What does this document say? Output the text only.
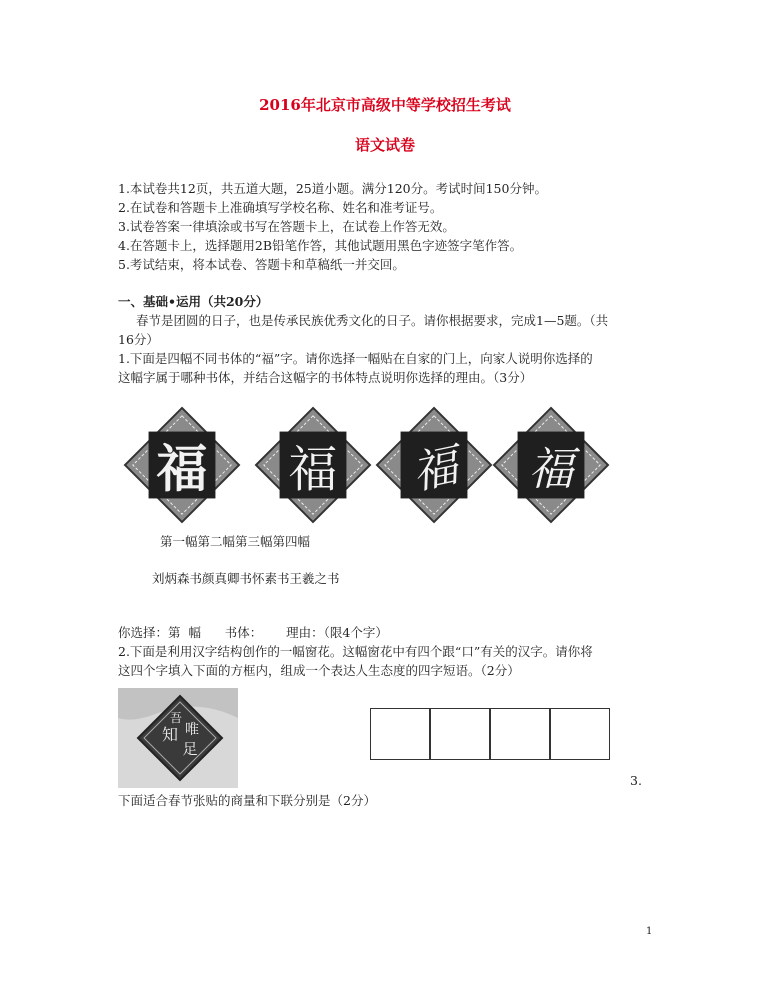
2016年北京市高级中等学校招生考试
语文试卷
1.本试卷共12页，共五道大题，25道小题。满分120分。考试时间150分钟。
2.在试卷和答题卡上准确填写学校名称、姓名和准考证号。
3.试卷答案一律填涂或书写在答题卡上，在试卷上作答无效。
4.在答题卡上，选择题用2B铅笔作答，其他试题用黑色字迹签字笔作答。
5.考试结束，将本试卷、答题卡和草稿纸一并交回。
一、基础•运用（共20分）
春节是团圆的日子，也是传承民族优秀文化的日子。请你根据要求，完成1—5题。（共
16分）
1.下面是四幅不同书体的“福”字。请你选择一幅贴在自家的门上，向家人说明你选择的
这幅字属于哪种书体，并结合这幅字的书体特点说明你选择的理由。（3分）
福 福 福 福
第一幅第二幅第三幅第四幅
刘炳森书颜真卿书怀素书王羲之书
你选择：第  幅      书体：      理由：（限4个字）
2.下面是利用汉字结构创作的一幅窗花。这幅窗花中有四个跟“口”有关的汉字。请你将
这四个字填入下面的方框内，组成一个表达人生态度的四字短语。（2分）
知
足
唯
吾
3.
下面适合春节张贴的商量和下联分别是（2分）
1
